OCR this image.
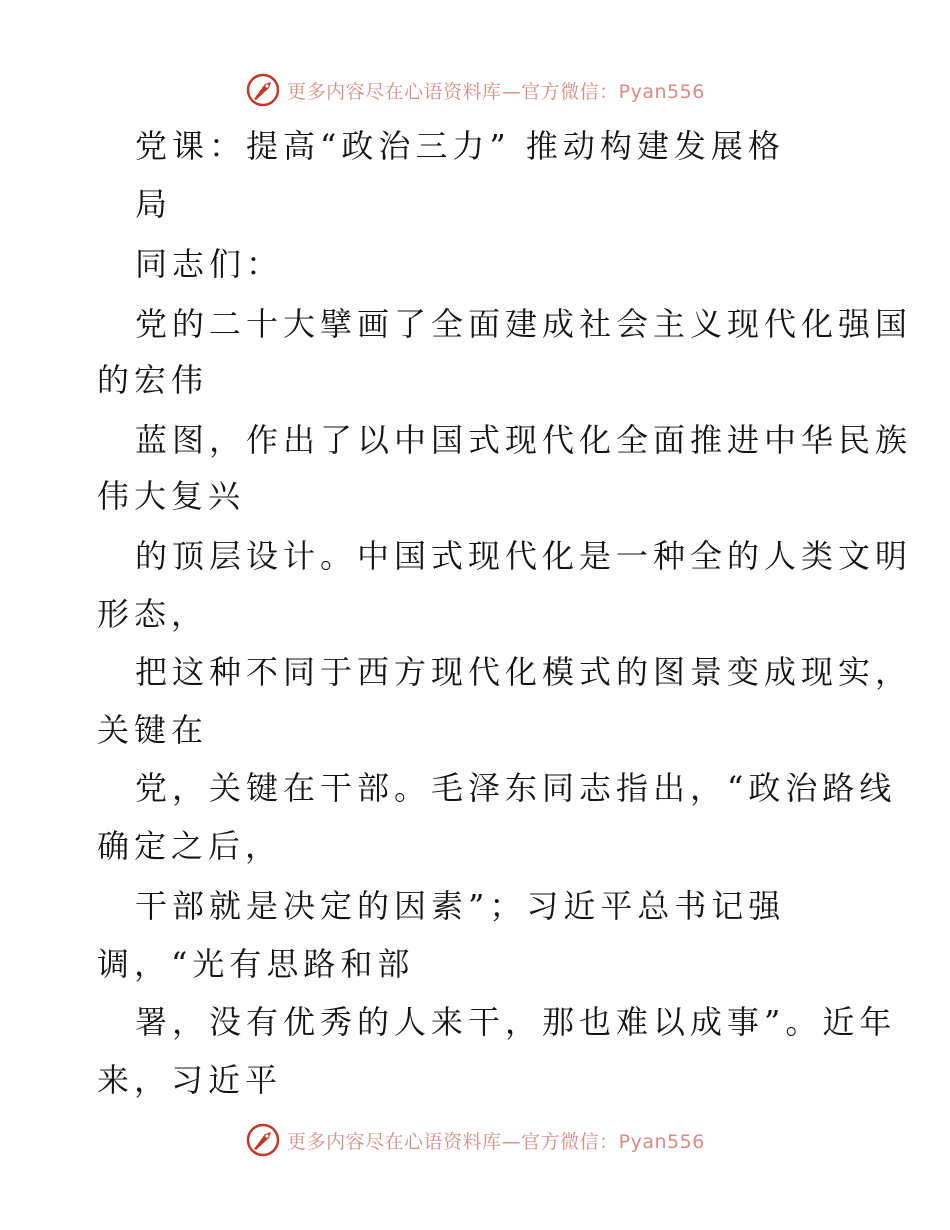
更多内容尽在心语资料库—官方微信：Pyan556
党课：提高“政治三力” 推动构建发展格
局
同志们：
党的二十大擘画了全面建成社会主义现代化强国
的宏伟
蓝图，作出了以中国式现代化全面推进中华民族
伟大复兴
的顶层设计。中国式现代化是一种全的人类文明
形态，
把这种不同于西方现代化模式的图景变成现实，
关键在
党，关键在干部。毛泽东同志指出，“政治路线
确定之后，
干部就是决定的因素”；习近平总书记强
调，“光有思路和部
署，没有优秀的人来干，那也难以成事”。近年
来，习近平
更多内容尽在心语资料库—官方微信：Pyan556
